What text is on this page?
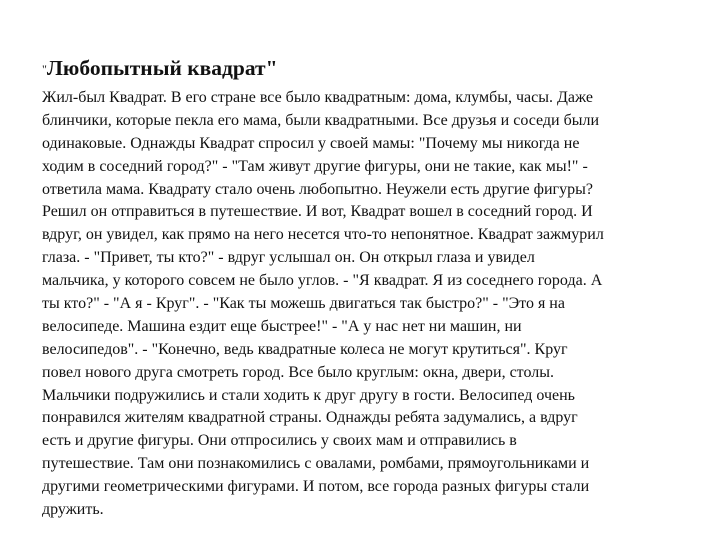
"Любопытный квадрат"
Жил-был Квадрат. В его стране все было квадратным: дома, клумбы, часы. Даже
блинчики, которые пекла его мама, были квадратными. Все друзья и соседи были
одинаковые. Однажды Квадрат спросил у своей мамы: "Почему мы никогда не
ходим в соседний город?" - "Там живут другие фигуры, они не такие, как мы!" -
ответила мама. Квадрату стало очень любопытно. Неужели есть другие фигуры?
Решил он отправиться в путешествие. И вот, Квадрат вошел в соседний город. И
вдруг, он увидел, как прямо на него несется что-то непонятное. Квадрат зажмурил
глаза. - "Привет, ты кто?" - вдруг услышал он. Он открыл глаза и увидел
мальчика, у которого совсем не было углов. - "Я квадрат. Я из соседнего города. А
ты кто?" - "А я - Круг". - "Как ты можешь двигаться так быстро?" - "Это я на
велосипеде. Машина ездит еще быстрее!" - "А у нас нет ни машин, ни
велосипедов". - "Конечно, ведь квадратные колеса не могут крутиться". Круг
повел нового друга смотреть город. Все было круглым: окна, двери, столы.
Мальчики подружились и стали ходить к друг другу в гости. Велосипед очень
понравился жителям квадратной страны. Однажды ребята задумались, а вдруг
есть и другие фигуры. Они отпросились у своих мам и отправились в
путешествие. Там они познакомились с овалами, ромбами, прямоугольниками и
другими геометрическими фигурами. И потом, все города разных фигуры стали
дружить.
